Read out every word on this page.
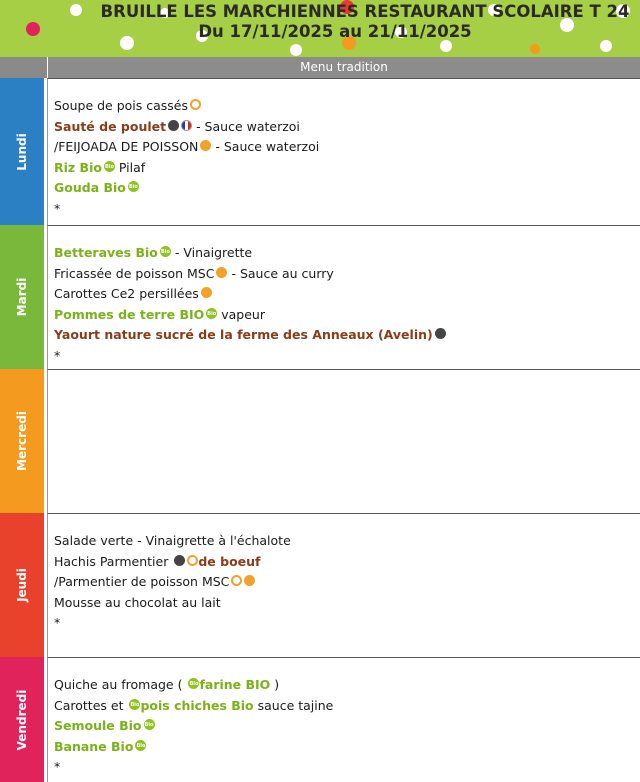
BRUILLE LES MARCHIENNES RESTAURANT SCOLAIRE T 24
Du 17/11/2025 au 21/11/2025
Menu tradition
Lundi
Soupe de pois cassés
Sauté de poulet - Sauce waterzoi
/FEIJOADA DE POISSON - Sauce waterzoi
Riz BioBio Pilaf
Gouda BioBio
*
Mardi
Betteraves BioBio - Vinaigrette
Fricassée de poisson MSC - Sauce au curry
Carottes Ce2 persillées
Pommes de terre BIOBio vapeur
Yaourt nature sucré de la ferme des Anneaux (Avelin)
*
Mercredi
Jeudi
Salade verte - Vinaigrette à l'échalote
Hachis Parmentier de boeuf
/Parmentier de poisson MSC
Mousse au chocolat au lait
*
Vendredi
Quiche au fromage ( Biofarine BIO )
Carottes et Biopois chiches Bio sauce tajine
Semoule BioBio
Banane BioBio
*
